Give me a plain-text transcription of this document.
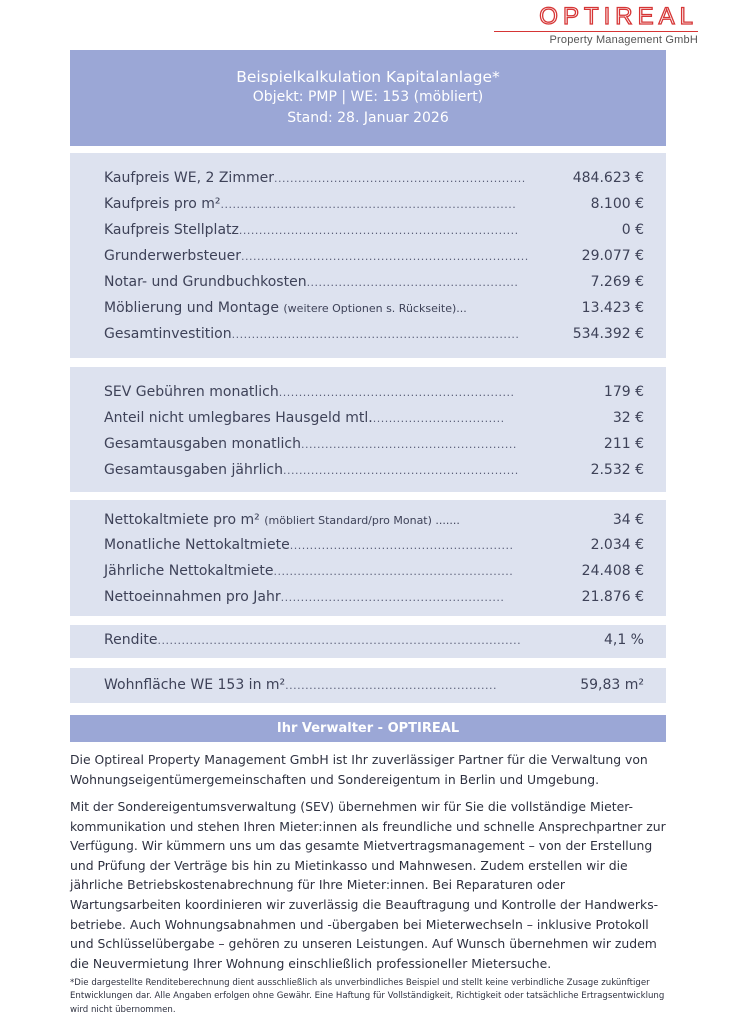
OPTIREAL
Property Management GmbH
Beispielkalkulation Kapitalanlage*
Objekt: PMP | WE: 153 (möbliert)
Stand: 28. Januar 2026
Kaufpreis WE, 2 Zimmer...............................................................	484.623 €
Kaufpreis pro m²..........................................................................	8.100 €
Kaufpreis Stellplatz......................................................................	0 €
Grunderwerbsteuer........................................................................	29.077 €
Notar- und Grundbuchkosten.....................................................	7.269 €
Möblierung und Montage (weitere Optionen s. Rückseite)...	13.423 €
Gesamtinvestition........................................................................	534.392 €
SEV Gebühren monatlich...........................................................	179 €
Anteil nicht umlegbares Hausgeld mtl..................................	32 €
Gesamtausgaben monatlich......................................................	211 €
Gesamtausgaben jährlich...........................................................	2.532 €
Nettokaltmiete pro m² (möbliert Standard/pro Monat) .......	34 €
Monatliche Nettokaltmiete........................................................	2.034 €
Jährliche Nettokaltmiete............................................................	24.408 €
Nettoeinnahmen pro Jahr........................................................	21.876 €
Rendite...........................................................................................	4,1 %
Wohnfläche WE 153 in m².....................................................	59,83 m²
Ihr Verwalter - OPTIREAL
Die Optireal Property Management GmbH ist Ihr zuverlässiger Partner für die Verwaltung von Wohnungseigentümergemeinschaften und Sondereigentum in Berlin und Umgebung.
Mit der Sondereigentumsverwaltung (SEV) übernehmen wir für Sie die vollständige Mieter-kommunikation und stehen Ihren Mieter:innen als freundliche und schnelle Ansprechpartner zur Verfügung. Wir kümmern uns um das gesamte Mietvertragsmanagement – von der Erstellung und Prüfung der Verträge bis hin zu Mietinkasso und Mahnwesen. Zudem erstellen wir die jährliche Betriebskostenabrechnung für Ihre Mieter:innen. Bei Reparaturen oder Wartungsarbeiten koordinieren wir zuverlässig die Beauftragung und Kontrolle der Handwerks-betriebe. Auch Wohnungsabnahmen und -übergaben bei Mieterwechseln – inklusive Protokoll und Schlüsselübergabe – gehören zu unseren Leistungen. Auf Wunsch übernehmen wir zudem die Neuvermietung Ihrer Wohnung einschließlich professioneller Mietersuche.
*Die dargestellte Renditeberechnung dient ausschließlich als unverbindliches Beispiel und stellt keine verbindliche Zusage zukünftiger Entwicklungen dar. Alle Angaben erfolgen ohne Gewähr. Eine Haftung für Vollständigkeit, Richtigkeit oder tatsächliche Ertragsentwicklung wird nicht übernommen.
